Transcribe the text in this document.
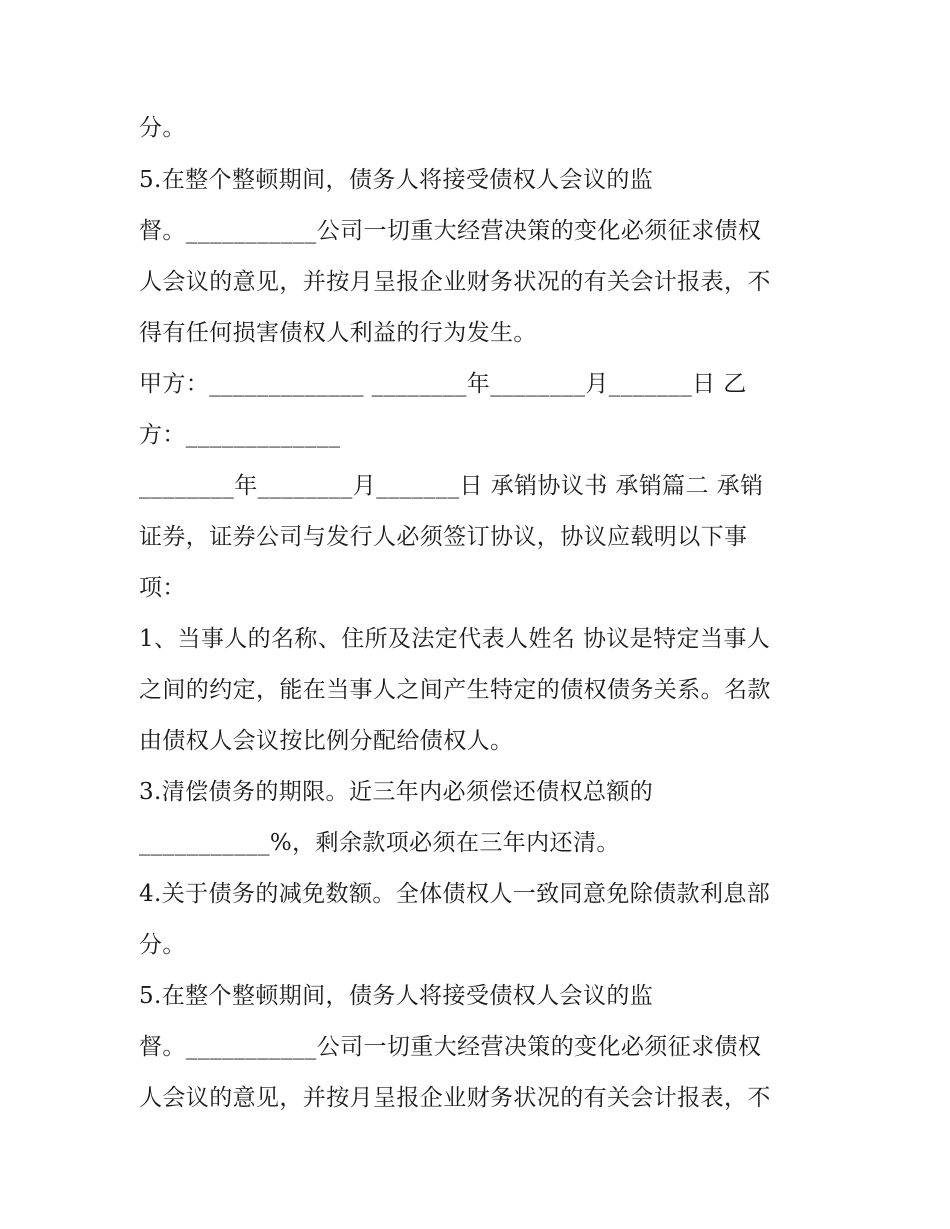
分。
5.在整个整顿期间，债务人将接受债权人会议的监
督。___________公司一切重大经营决策的变化必须征求债权
人会议的意见，并按月呈报企业财务状况的有关会计报表，不
得有任何损害债权人利益的行为发生。
甲方：_____________ ________年________月_______日 乙
方：_____________
________年________月_______日 承销协议书 承销篇二 承销
证券，证券公司与发行人必须签订协议，协议应载明以下事
项：
1、当事人的名称、住所及法定代表人姓名 协议是特定当事人
之间的约定，能在当事人之间产生特定的债权债务关系。名款
由债权人会议按比例分配给债权人。
3.清偿债务的期限。近三年内必须偿还债权总额的
___________%，剩余款项必须在三年内还清。
4.关于债务的减免数额。全体债权人一致同意免除债款利息部
分。
5.在整个整顿期间，债务人将接受债权人会议的监
督。___________公司一切重大经营决策的变化必须征求债权
人会议的意见，并按月呈报企业财务状况的有关会计报表，不
